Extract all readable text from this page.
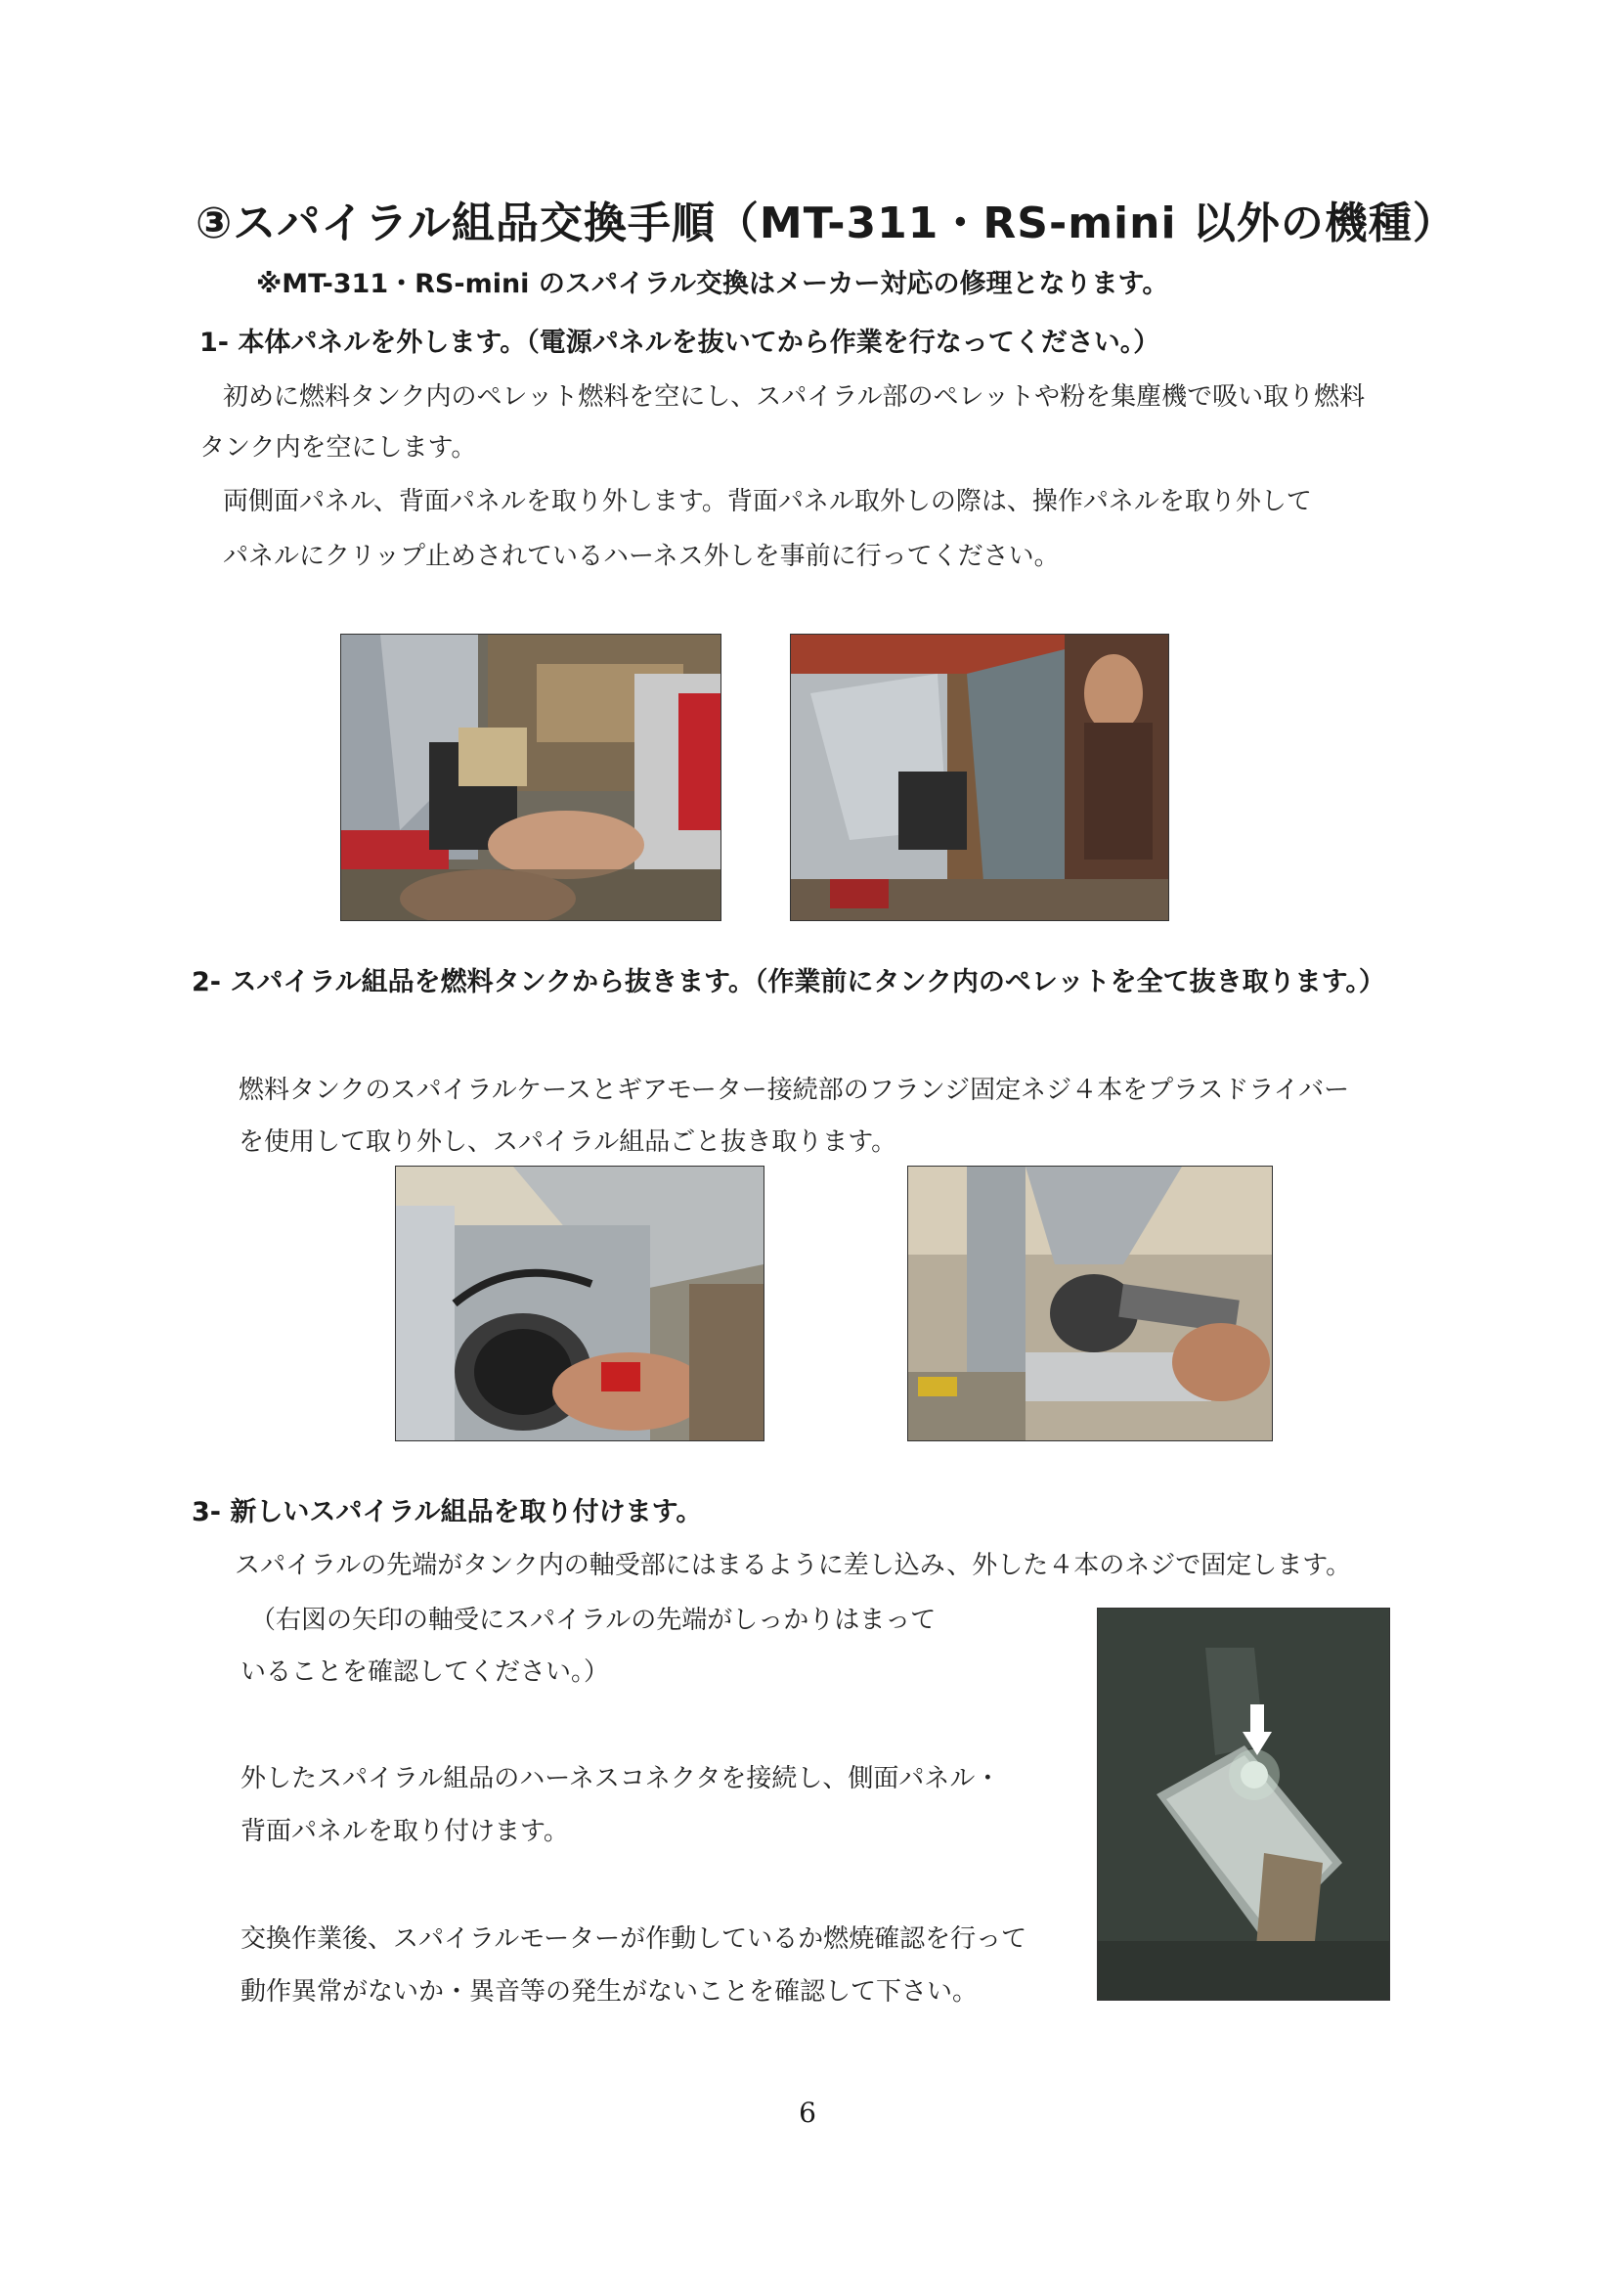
③スパイラル組品交換手順（MT-311・RS-mini 以外の機種）
※MT-311・RS-mini のスパイラル交換はメーカー対応の修理となります。
1- 本体パネルを外します。（電源パネルを抜いてから作業を行なってください。）
初めに燃料タンク内のペレット燃料を空にし、スパイラル部のペレットや粉を集塵機で吸い取り燃料
タンク内を空にします。
両側面パネル、背面パネルを取り外します。背面パネル取外しの際は、操作パネルを取り外して
パネルにクリップ止めされているハーネス外しを事前に行ってください。
2- スパイラル組品を燃料タンクから抜きます。（作業前にタンク内のペレットを全て抜き取ります。）
燃料タンクのスパイラルケースとギアモーター接続部のフランジ固定ネジ４本をプラスドライバー
を使用して取り外し、スパイラル組品ごと抜き取ります。
3- 新しいスパイラル組品を取り付けます。
スパイラルの先端がタンク内の軸受部にはまるように差し込み、外した４本のネジで固定します。
（右図の矢印の軸受にスパイラルの先端がしっかりはまって
いることを確認してください。）
外したスパイラル組品のハーネスコネクタを接続し、側面パネル・
背面パネルを取り付けます。
交換作業後、スパイラルモーターが作動しているか燃焼確認を行って
動作異常がないか・異音等の発生がないことを確認して下さい。
6
